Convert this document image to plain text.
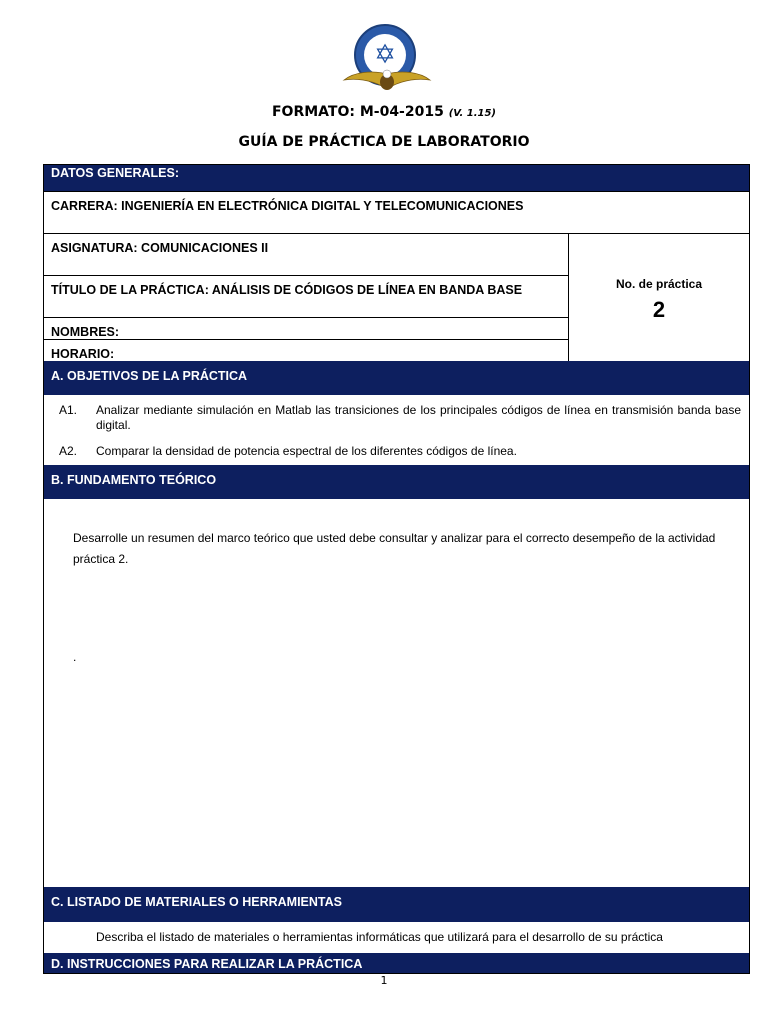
✡
FORMATO: M-04-2015 (V. 1.15)
GUÍA DE PRÁCTICA DE LABORATORIO
DATOS GENERALES:
CARRERA: INGENIERÍA EN ELECTRÓNICA DIGITAL Y TELECOMUNICACIONES
ASIGNATURA: COMUNICACIONES II
TÍTULO DE LA PRÁCTICA: ANÁLISIS DE CÓDIGOS DE LÍNEA EN BANDA BASE
NOMBRES:
HORARIO:
No. de práctica
2
A. OBJETIVOS DE LA PRÁCTICA
A1. Analizar mediante simulación en Matlab las transiciones de los principales códigos de línea en transmisión banda base digital.
A2. Comparar la densidad de potencia espectral de los diferentes códigos de línea.
B. FUNDAMENTO TEÓRICO
Desarrolle un resumen del marco teórico que usted debe consultar y analizar para el correcto desempeño de la actividad práctica 2.
.
C. LISTADO DE MATERIALES O HERRAMIENTAS
Describa el listado de materiales o herramientas informáticas que utilizará para el desarrollo de su práctica
D. INSTRUCCIONES PARA REALIZAR LA PRÁCTICA
1
